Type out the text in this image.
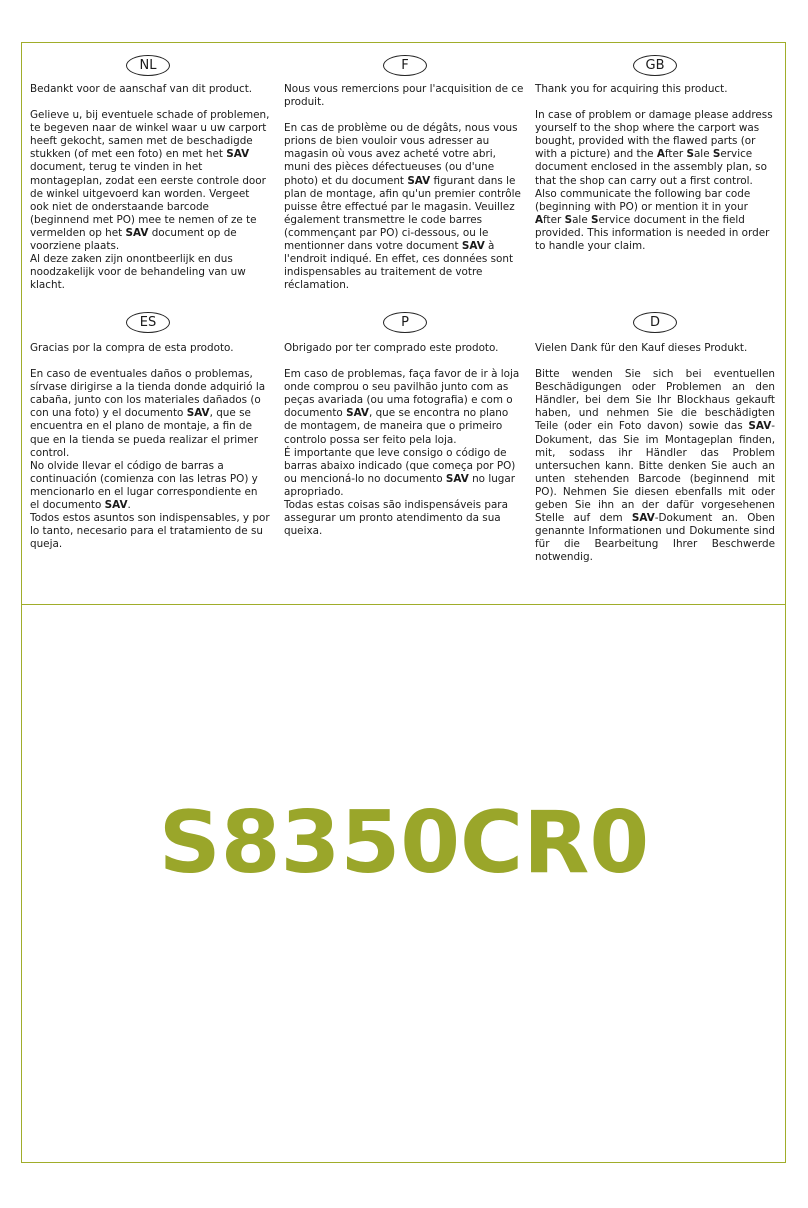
NL

Bedankt voor de aanschaf van dit product.

Gelieve u, bij eventuele schade of problemen, te begeven naar de winkel waar u uw carport heeft gekocht, samen met de beschadigde stukken (of met een foto) en met het SAV document, terug te vinden in het montageplan, zodat een eerste controle door de winkel uitgevoerd kan worden. Vergeet ook niet de onderstaande barcode (beginnend met PO) mee te nemen of ze te vermelden op het SAV document op de voorziene plaats.

Al deze zaken zijn onontbeerlijk en dus noodzakelijk voor de behandeling van uw klacht.

F

Nous vous remercions pour l'acquisition de ce produit.

En cas de problème ou de dégâts, nous vous prions de bien vouloir vous adresser au magasin où vous avez acheté votre abri, muni des pièces défectueuses (ou d'une photo) et du document SAV figurant dans le plan de montage, afin qu'un premier contrôle puisse être effectué par le magasin. Veuillez également transmettre le code barres (commençant par PO) ci-dessous, ou le mentionner dans votre document SAV à l'endroit indiqué. En effet, ces données sont indispensables au traitement de votre réclamation.

GB

Thank you for acquiring this product.

In case of problem or damage please address yourself to the shop where the carport was bought, provided with the flawed parts (or with a picture) and the After Sale Service document enclosed in the assembly plan, so that the shop can carry out a first control. Also communicate the following bar code (beginning with PO) or mention it in your After Sale Service document in the field provided. This information is needed in order to handle your claim.

ES

Gracias por la compra de esta prodoto.

En caso de eventuales daños o problemas, sírvase dirigirse a la tienda donde adquirió la cabaña, junto con los materiales dañados (o con una foto) y el documento SAV, que se encuentra en el plano de montaje, a fin de que en la tienda se pueda realizar el primer control.

No olvide llevar el código de barras a continuación (comienza con las letras PO) y mencionarlo en el lugar correspondiente en el documento SAV.

Todos estos asuntos son indispensables, y por lo tanto, necesario para el tratamiento de su queja.

P

Obrigado por ter comprado este prodoto.

Em caso de problemas, faça favor de ir à loja onde comprou o seu pavilhão junto com as peças avariada (ou uma fotografia) e com o documento SAV, que se encontra no plano de montagem, de maneira que o primeiro controlo possa ser feito pela loja.

É importante que leve consigo o código de barras abaixo indicado (que começa por PO) ou mencioná-lo no documento SAV no lugar apropriado.

Todas estas coisas são indispensáveis para assegurar um pronto atendimento da sua queixa.

D

Vielen Dank für den Kauf dieses Produkt.

Bitte wenden Sie sich bei eventuellen Beschädigungen oder Problemen an den Händler, bei dem Sie Ihr Blockhaus gekauft haben, und nehmen Sie die beschädigten Teile (oder ein Foto davon) sowie das SAV-Dokument, das Sie im Montageplan finden, mit, sodass ihr Händler das Problem untersuchen kann. Bitte denken Sie auch an unten stehenden Barcode (beginnend mit PO). Nehmen Sie diesen ebenfalls mit oder geben Sie ihn an der dafür vorgesehenen Stelle auf dem SAV-Dokument an. Oben genannte Informationen und Dokumente sind für die Bearbeitung Ihrer Beschwerde notwendig.

S8350CR0
